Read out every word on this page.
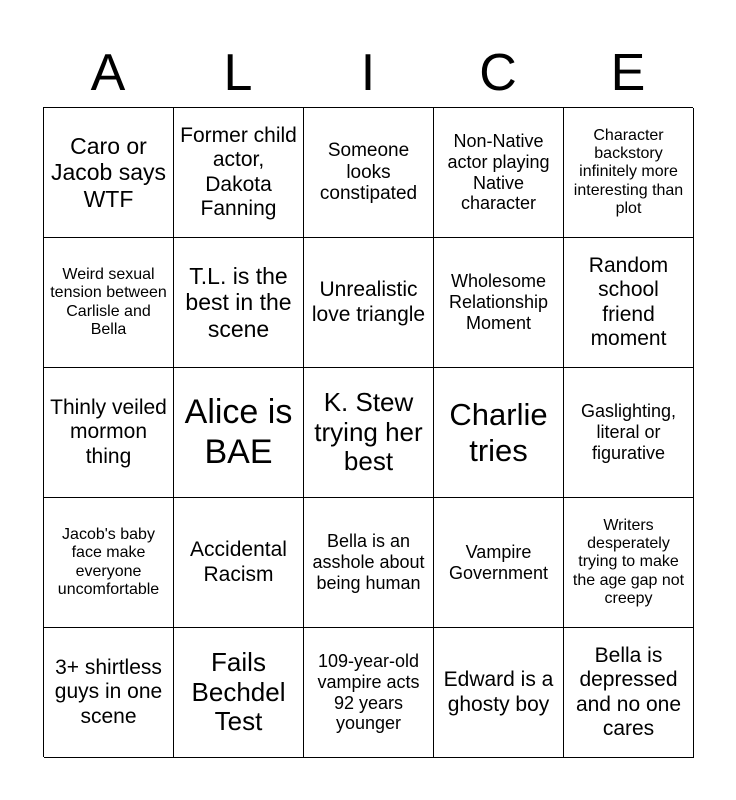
A	L	I	C	E
Caro or Jacob says WTF
Former child actor, Dakota Fanning
Someone looks constipated
Non-Native actor playing Native character
Character backstory infinitely more interesting than plot
Weird sexual tension between Carlisle and Bella
T.L. is the best in the scene
Unrealistic love triangle
Wholesome Relationship Moment
Random school friend moment
Thinly veiled mormon thing
Alice is BAE
K. Stew trying her best
Charlie tries
Gaslighting, literal or figurative
Jacob's baby face make everyone uncomfortable
Accidental Racism
Bella is an asshole about being human
Vampire Government
Writers desperately trying to make the age gap not creepy
3+ shirtless guys in one scene
Fails Bechdel Test
109-year-old vampire acts 92 years younger
Edward is a ghosty boy
Bella is depressed and no one cares
